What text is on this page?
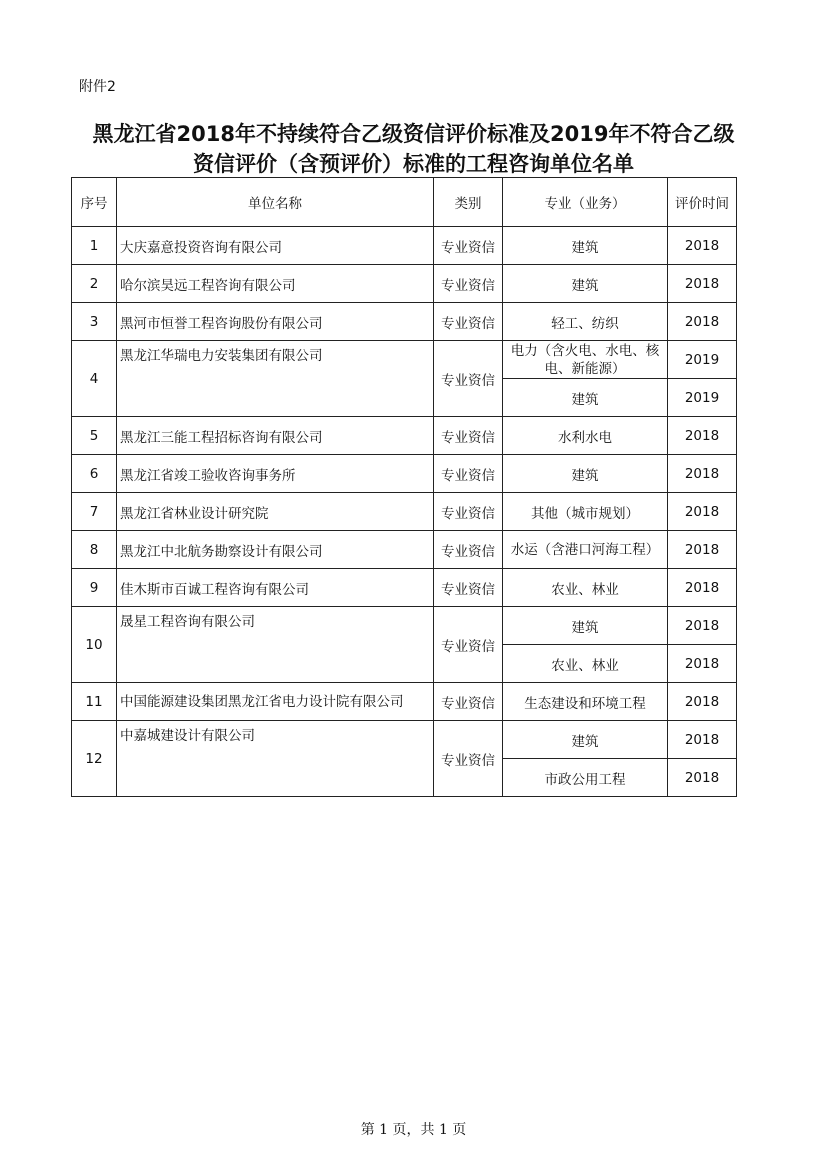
附件2
黑龙江省2018年不持续符合乙级资信评价标准及2019年不符合乙级
资信评价（含预评价）标准的工程咨询单位名单
序号	单位名称	类别	专业（业务）	评价时间
1	大庆嘉意投资咨询有限公司	专业资信	建筑	2018
2	哈尔滨昊远工程咨询有限公司	专业资信	建筑	2018
3	黑河市恒誉工程咨询股份有限公司	专业资信	轻工、纺织	2018
4	黑龙江华瑞电力安装集团有限公司	专业资信	电力（含火电、水电、核电、新能源）	2019
			建筑	2019
5	黑龙江三能工程招标咨询有限公司	专业资信	水利水电	2018
6	黑龙江省竣工验收咨询事务所	专业资信	建筑	2018
7	黑龙江省林业设计研究院	专业资信	其他（城市规划）	2018
8	黑龙江中北航务勘察设计有限公司	专业资信	水运（含港口河海工程）	2018
9	佳木斯市百诚工程咨询有限公司	专业资信	农业、林业	2018
10	晟星工程咨询有限公司	专业资信	建筑	2018
			农业、林业	2018
11	中国能源建设集团黑龙江省电力设计院有限公司	专业资信	生态建设和环境工程	2018
12	中嘉城建设计有限公司	专业资信	建筑	2018
			市政公用工程	2018
第 1 页，共 1 页
